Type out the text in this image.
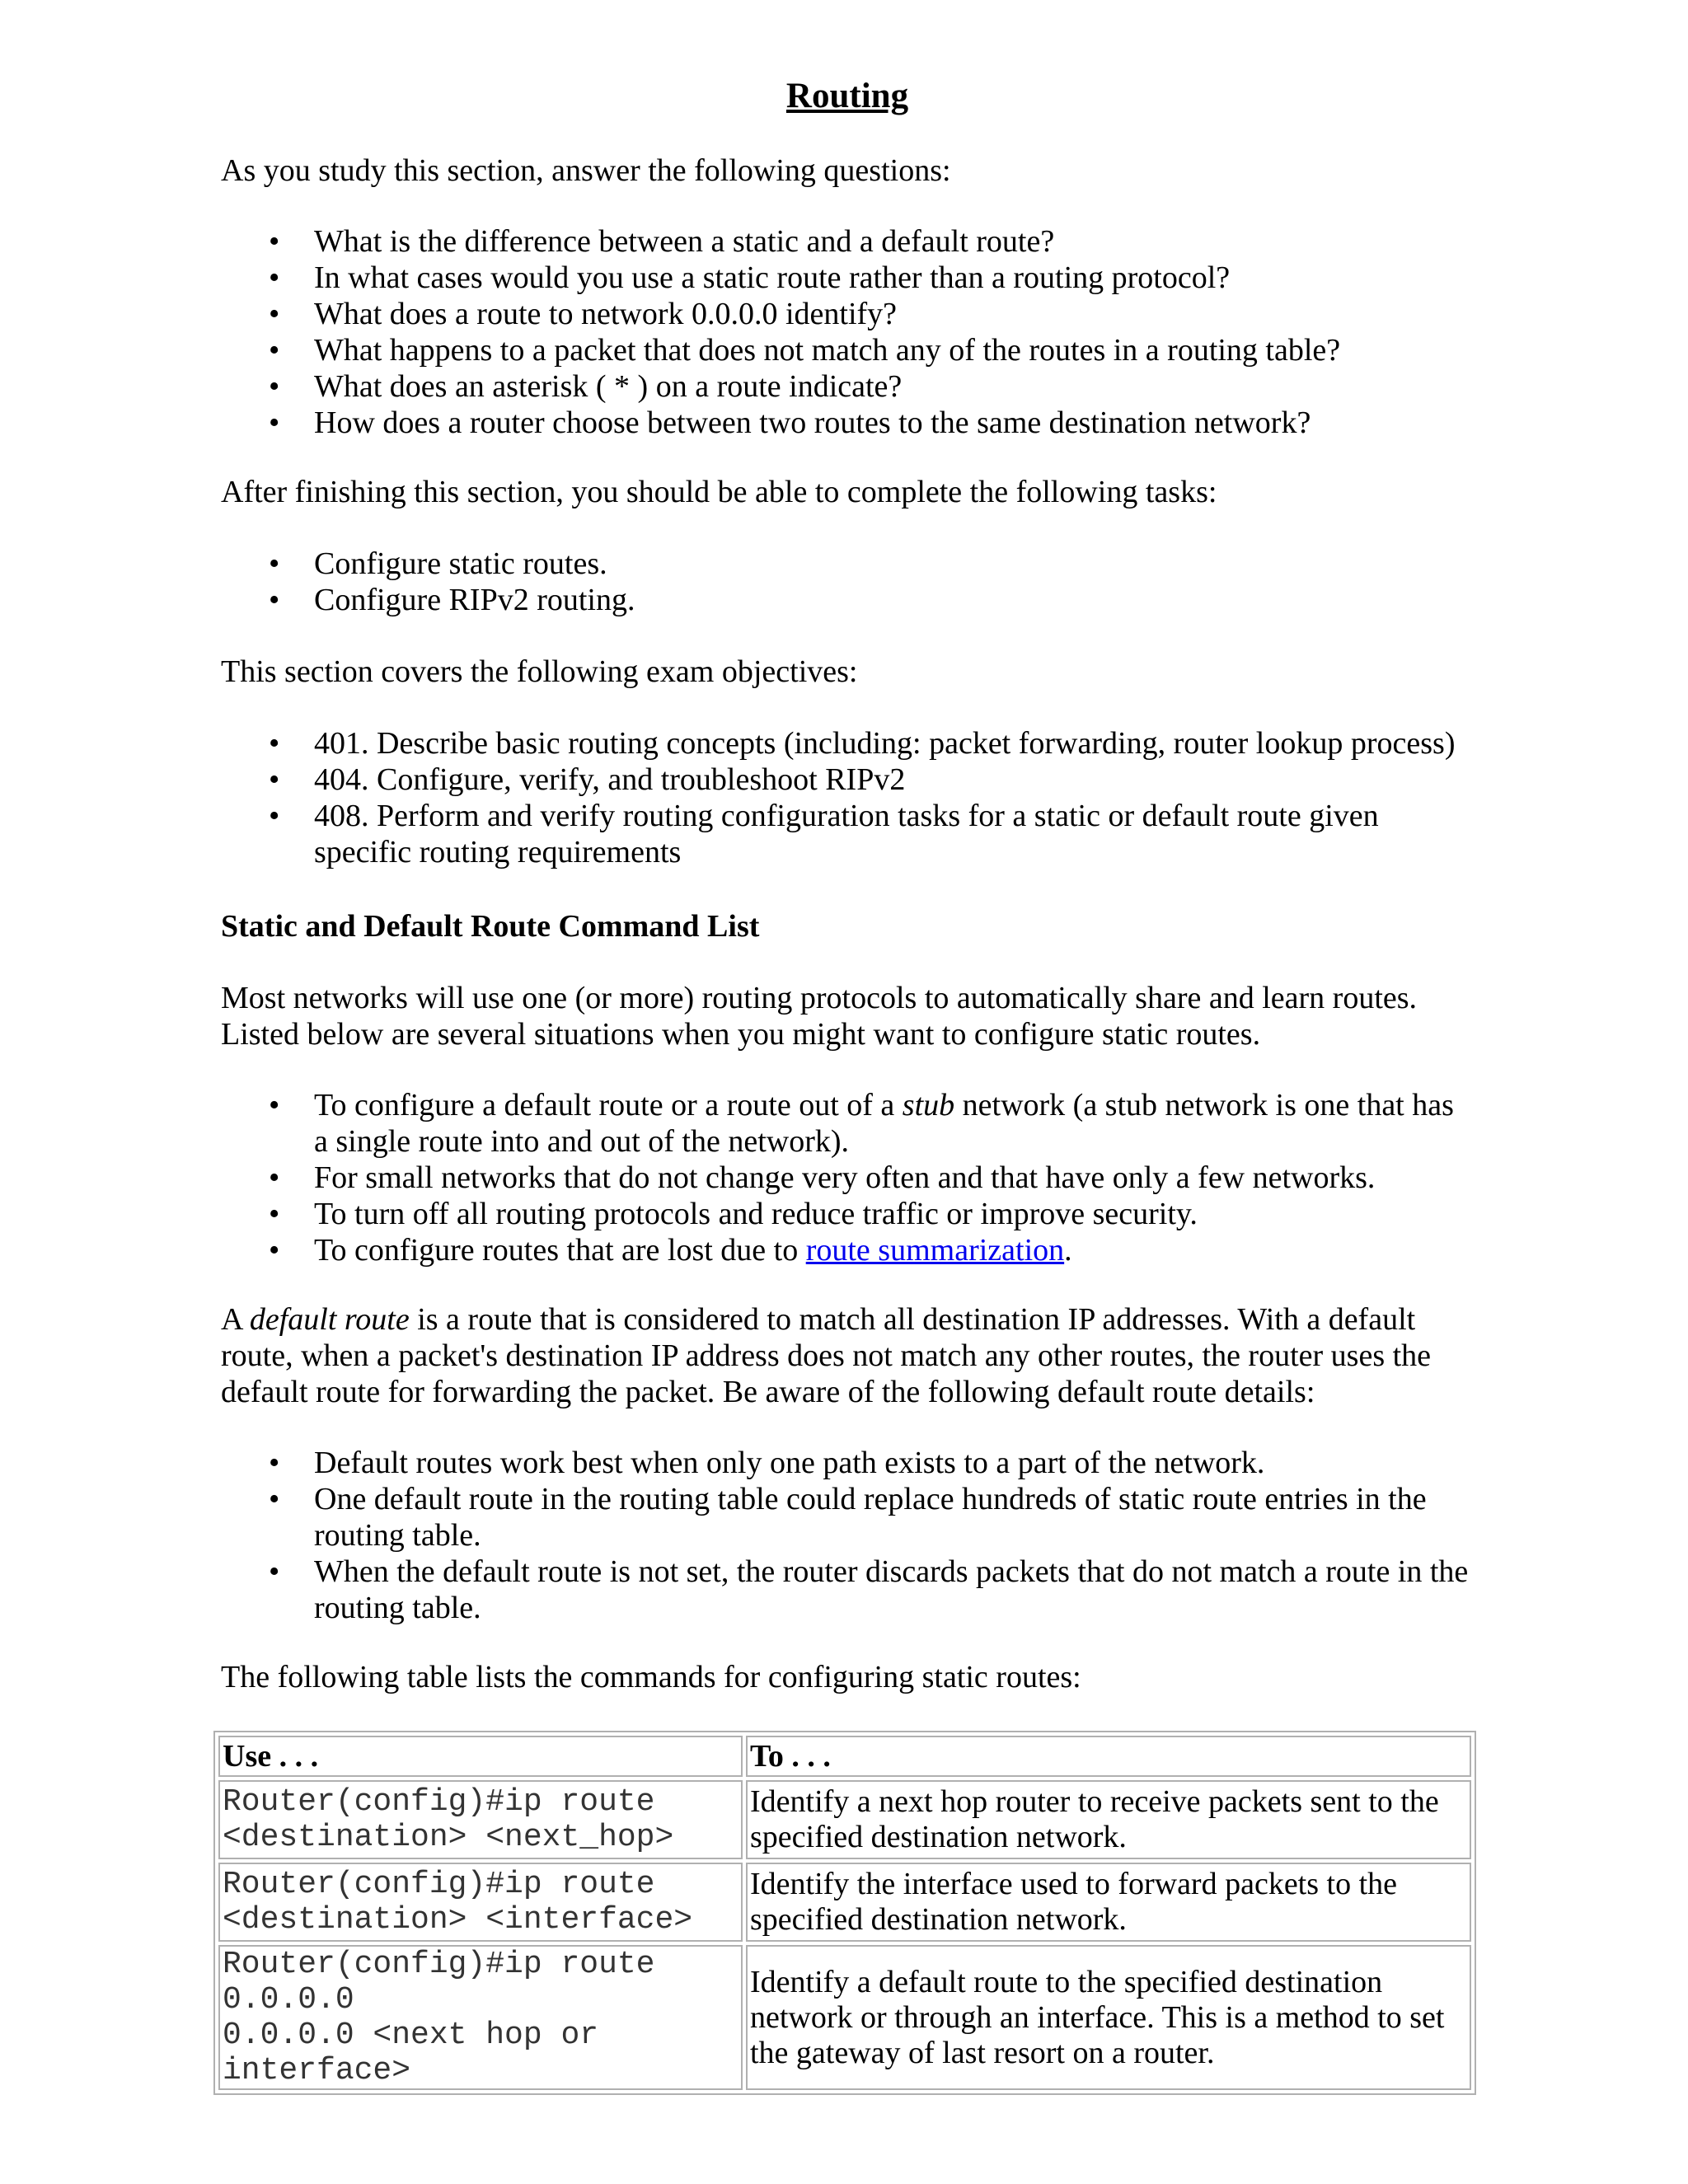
Routing

As you study this section, answer the following questions:

• What is the difference between a static and a default route?
• In what cases would you use a static route rather than a routing protocol?
• What does a route to network 0.0.0.0 identify?
• What happens to a packet that does not match any of the routes in a routing table?
• What does an asterisk ( * ) on a route indicate?
• How does a router choose between two routes to the same destination network?

After finishing this section, you should be able to complete the following tasks:

• Configure static routes.
• Configure RIPv2 routing.

This section covers the following exam objectives:

• 401. Describe basic routing concepts (including: packet forwarding, router lookup process)
• 404. Configure, verify, and troubleshoot RIPv2
• 408. Perform and verify routing configuration tasks for a static or default route given specific routing requirements

Static and Default Route Command List

Most networks will use one (or more) routing protocols to automatically share and learn routes. Listed below are several situations when you might want to configure static routes.

• To configure a default route or a route out of a stub network (a stub network is one that has a single route into and out of the network).
• For small networks that do not change very often and that have only a few networks.
• To turn off all routing protocols and reduce traffic or improve security.
• To configure routes that are lost due to route summarization.

A default route is a route that is considered to match all destination IP addresses. With a default route, when a packet's destination IP address does not match any other routes, the router uses the default route for forwarding the packet. Be aware of the following default route details:

• Default routes work best when only one path exists to a part of the network.
• One default route in the routing table could replace hundreds of static route entries in the routing table.
• When the default route is not set, the router discards packets that do not match a route in the routing table.

The following table lists the commands for configuring static routes:

Use . . .	To . . .
Router(config)#ip route
<destination> <next_hop>	Identify a next hop router to receive packets sent to the specified destination network.
Router(config)#ip route
<destination> <interface>	Identify the interface used to forward packets to the specified destination network.
Router(config)#ip route 0.0.0.0
0.0.0.0 <next hop or interface>	Identify a default route to the specified destination network or through an interface. This is a method to set the gateway of last resort on a router.
